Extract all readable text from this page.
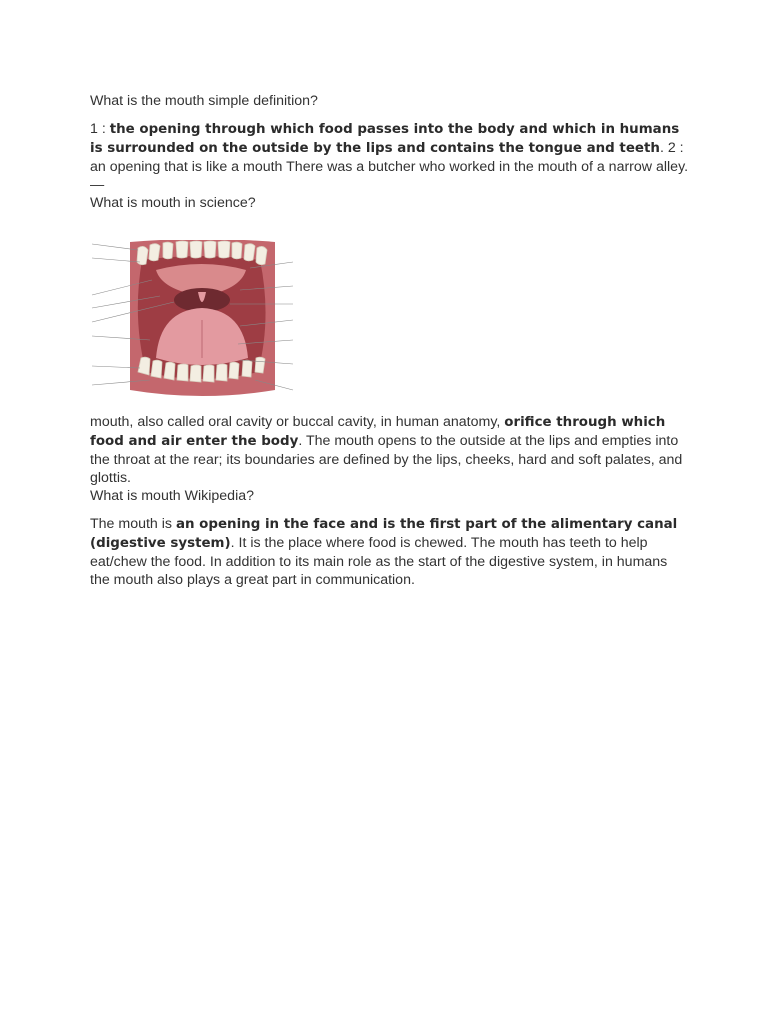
What is the mouth simple definition?

1 : the opening through which food passes into the body and which in humans is surrounded on the outside by the lips and contains the tongue and teeth. 2 : an opening that is like a mouth There was a butcher who worked in the mouth of a narrow alley.—

What is mouth in science?

mouth, also called oral cavity or buccal cavity, in human anatomy, orifice through which food and air enter the body. The mouth opens to the outside at the lips and empties into the throat at the rear; its boundaries are defined by the lips, cheeks, hard and soft palates, and glottis.

What is mouth Wikipedia?

The mouth is an opening in the face and is the first part of the alimentary canal (digestive system). It is the place where food is chewed. The mouth has teeth to help eat/chew the food. In addition to its main role as the start of the digestive system, in humans the mouth also plays a great part in communication.
